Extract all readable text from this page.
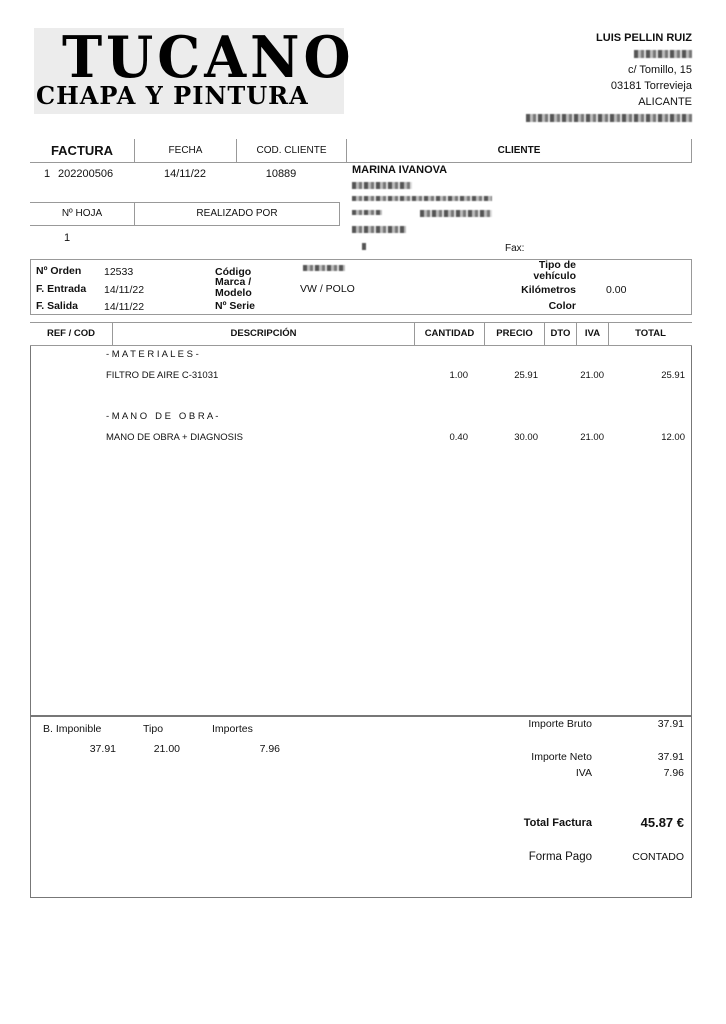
TUCANO
CHAPA Y PINTURA
LUIS PELLIN RUIZ
c/ Tomillo, 15
03181 Torrevieja
ALICANTE
FACTURA	FECHA	COD. CLIENTE	CLIENTE
1 202200506	14/11/22	10889	MARINA IVANOVA
Fax:
Nº HOJA	REALIZADO POR
1
Nº Orden 12533
F. Entrada 14/11/22
F. Salida 14/11/22
Código
Marca /
Modelo	VW / POLO
Nº Serie
Tipo de
vehículo
Kilómetros	0.00
Color
REF / COD	DESCRIPCIÓN	CANTIDAD	PRECIO	DTO	IVA	TOTAL
- M A T E R I A L E S -
FILTRO DE AIRE C-31031	1.00	25.91	21.00	25.91
- M A N O   D E   O B R A -
MANO DE OBRA + DIAGNOSIS	0.40	30.00	21.00	12.00
B. Imponible	Tipo	Importes
37.91	21.00	7.96
Importe Bruto	37.91
Importe Neto	37.91
IVA	7.96
Total Factura	45.87 €
Forma Pago	CONTADO
